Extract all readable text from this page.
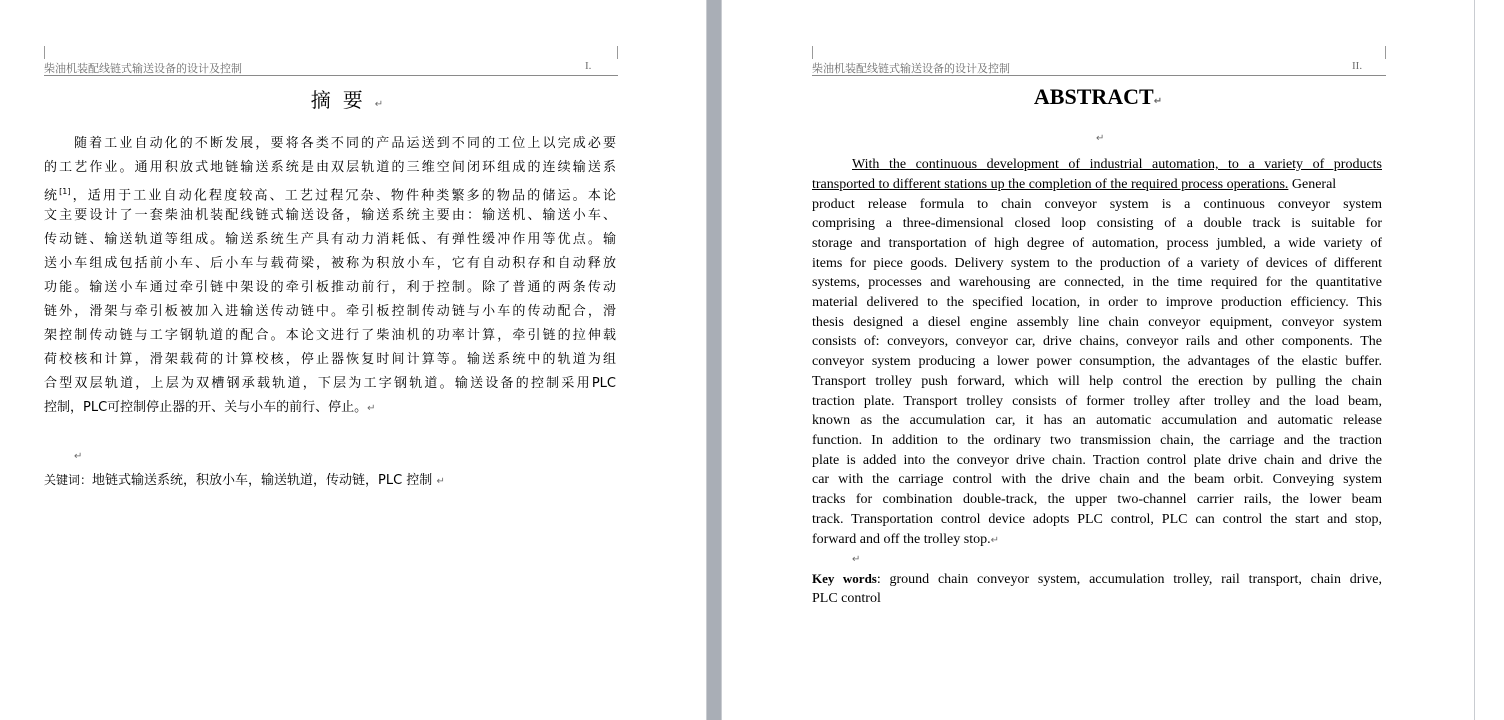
柴油机装配线链式输送设备的设计及控制	I.
摘要↵
随着工业自动化的不断发展，要将各类不同的产品运送到不同的工位上以完成必要
的工艺作业。通用积放式地链输送系统是由双层轨道的三维空间闭环组成的连续输送系
统[1]，适用于工业自动化程度较高、工艺过程冗杂、物件种类繁多的物品的储运。本论
文主要设计了一套柴油机装配线链式输送设备，输送系统主要由：输送机、输送小车、
传动链、输送轨道等组成。输送系统生产具有动力消耗低、有弹性缓冲作用等优点。输
送小车组成包括前小车、后小车与载荷梁，被称为积放小车，它有自动积存和自动释放
功能。输送小车通过牵引链中架设的牵引板推动前行，利于控制。除了普通的两条传动
链外，滑架与牵引板被加入进输送传动链中。牵引板控制传动链与小车的传动配合，滑
架控制传动链与工字钢轨道的配合。本论文进行了柴油机的功率计算，牵引链的拉伸载
荷校核和计算，滑架载荷的计算校核，停止器恢复时间计算等。输送系统中的轨道为组
合型双层轨道，上层为双槽钢承载轨道，下层为工字钢轨道。输送设备的控制采用PLC
控制，PLC可控制停止器的开、关与小车的前行、停止。↵
↵
关键词：地链式输送系统，积放小车，输送轨道，传动链，PLC 控制 ↵
柴油机装配线链式输送设备的设计及控制	II.
ABSTRACT↵
↵
With the continuous development of industrial automation, to a variety of products
transported to different stations up the completion of the required process operations. General
product release formula to chain conveyor system is a continuous conveyor system
comprising a three-dimensional closed loop consisting of a double track is suitable for
storage and transportation of high degree of automation, process jumbled, a wide variety of
items for piece goods. Delivery system to the production of a variety of devices of different
systems, processes and warehousing are connected, in the time required for the quantitative
material delivered to the specified location, in order to improve production efficiency. This
thesis designed a diesel engine assembly line chain conveyor equipment, conveyor system
consists of: conveyors, conveyor car, drive chains, conveyor rails and other components. The
conveyor system producing a lower power consumption, the advantages of the elastic buffer.
Transport trolley push forward, which will help control the erection by pulling the chain
traction plate. Transport trolley consists of former trolley after trolley and the load beam,
known as the accumulation car, it has an automatic accumulation and automatic release
function. In addition to the ordinary two transmission chain, the carriage and the traction
plate is added into the conveyor drive chain. Traction control plate drive chain and drive the
car with the carriage control with the drive chain and the beam orbit. Conveying system
tracks for combination double-track, the upper two-channel carrier rails, the lower beam
track. Transportation control device adopts PLC control, PLC can control the start and stop,
forward and off the trolley stop.↵
↵
Key words: ground chain conveyor system, accumulation trolley, rail transport, chain drive,
PLC control
